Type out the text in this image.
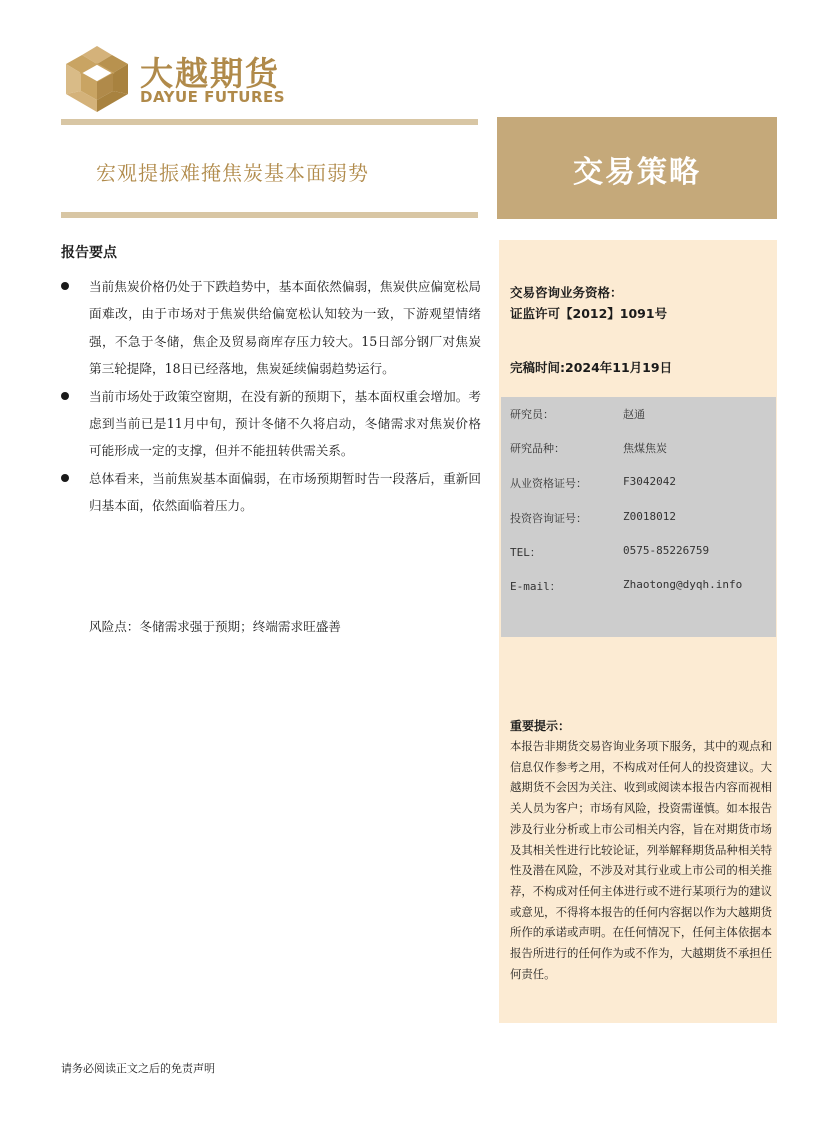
大越期货
DAYUE FUTURES
宏观提振难掩焦炭基本面弱势	交易策略
交易咨询业务资格：
证监许可【2012】1091号
完稿时间:2024年11月19日
研究员：	赵通
研究品种：	焦煤焦炭
从业资格证号：	F3042042
投资咨询证号：	Z0018012
TEL：	0575-85226759
E-mail：	Zhaotong@dyqh.info
重要提示：
本报告非期货交易咨询业务项下服务，其中的观点和信息仅作参考之用，不构成对任何人的投资建议。大越期货不会因为关注、收到或阅读本报告内容而视相关人员为客户；市场有风险，投资需谨慎。如本报告涉及行业分析或上市公司相关内容，旨在对期货市场及其相关性进行比较论证，列举解释期货品种相关特性及潜在风险，不涉及对其行业或上市公司的相关推荐，不构成对任何主体进行或不进行某项行为的建议或意见，不得将本报告的任何内容据以作为大越期货所作的承诺或声明。在任何情况下，任何主体依据本报告所进行的任何作为或不作为，大越期货不承担任何责任。
报告要点
当前焦炭价格仍处于下跌趋势中，基本面依然偏弱，焦炭供应偏宽松局面难改，由于市场对于焦炭供给偏宽松认知较为一致，下游观望情绪强，不急于冬储，焦企及贸易商库存压力较大。15日部分钢厂对焦炭第三轮提降，18日已经落地，焦炭延续偏弱趋势运行。
当前市场处于政策空窗期，在没有新的预期下，基本面权重会增加。考虑到当前已是11月中旬，预计冬储不久将启动，冬储需求对焦炭价格可能形成一定的支撑，但并不能扭转供需关系。
总体看来，当前焦炭基本面偏弱，在市场预期暂时告一段落后，重新回归基本面，依然面临着压力。
风险点：冬储需求强于预期；终端需求旺盛善
请务必阅读正文之后的免责声明
